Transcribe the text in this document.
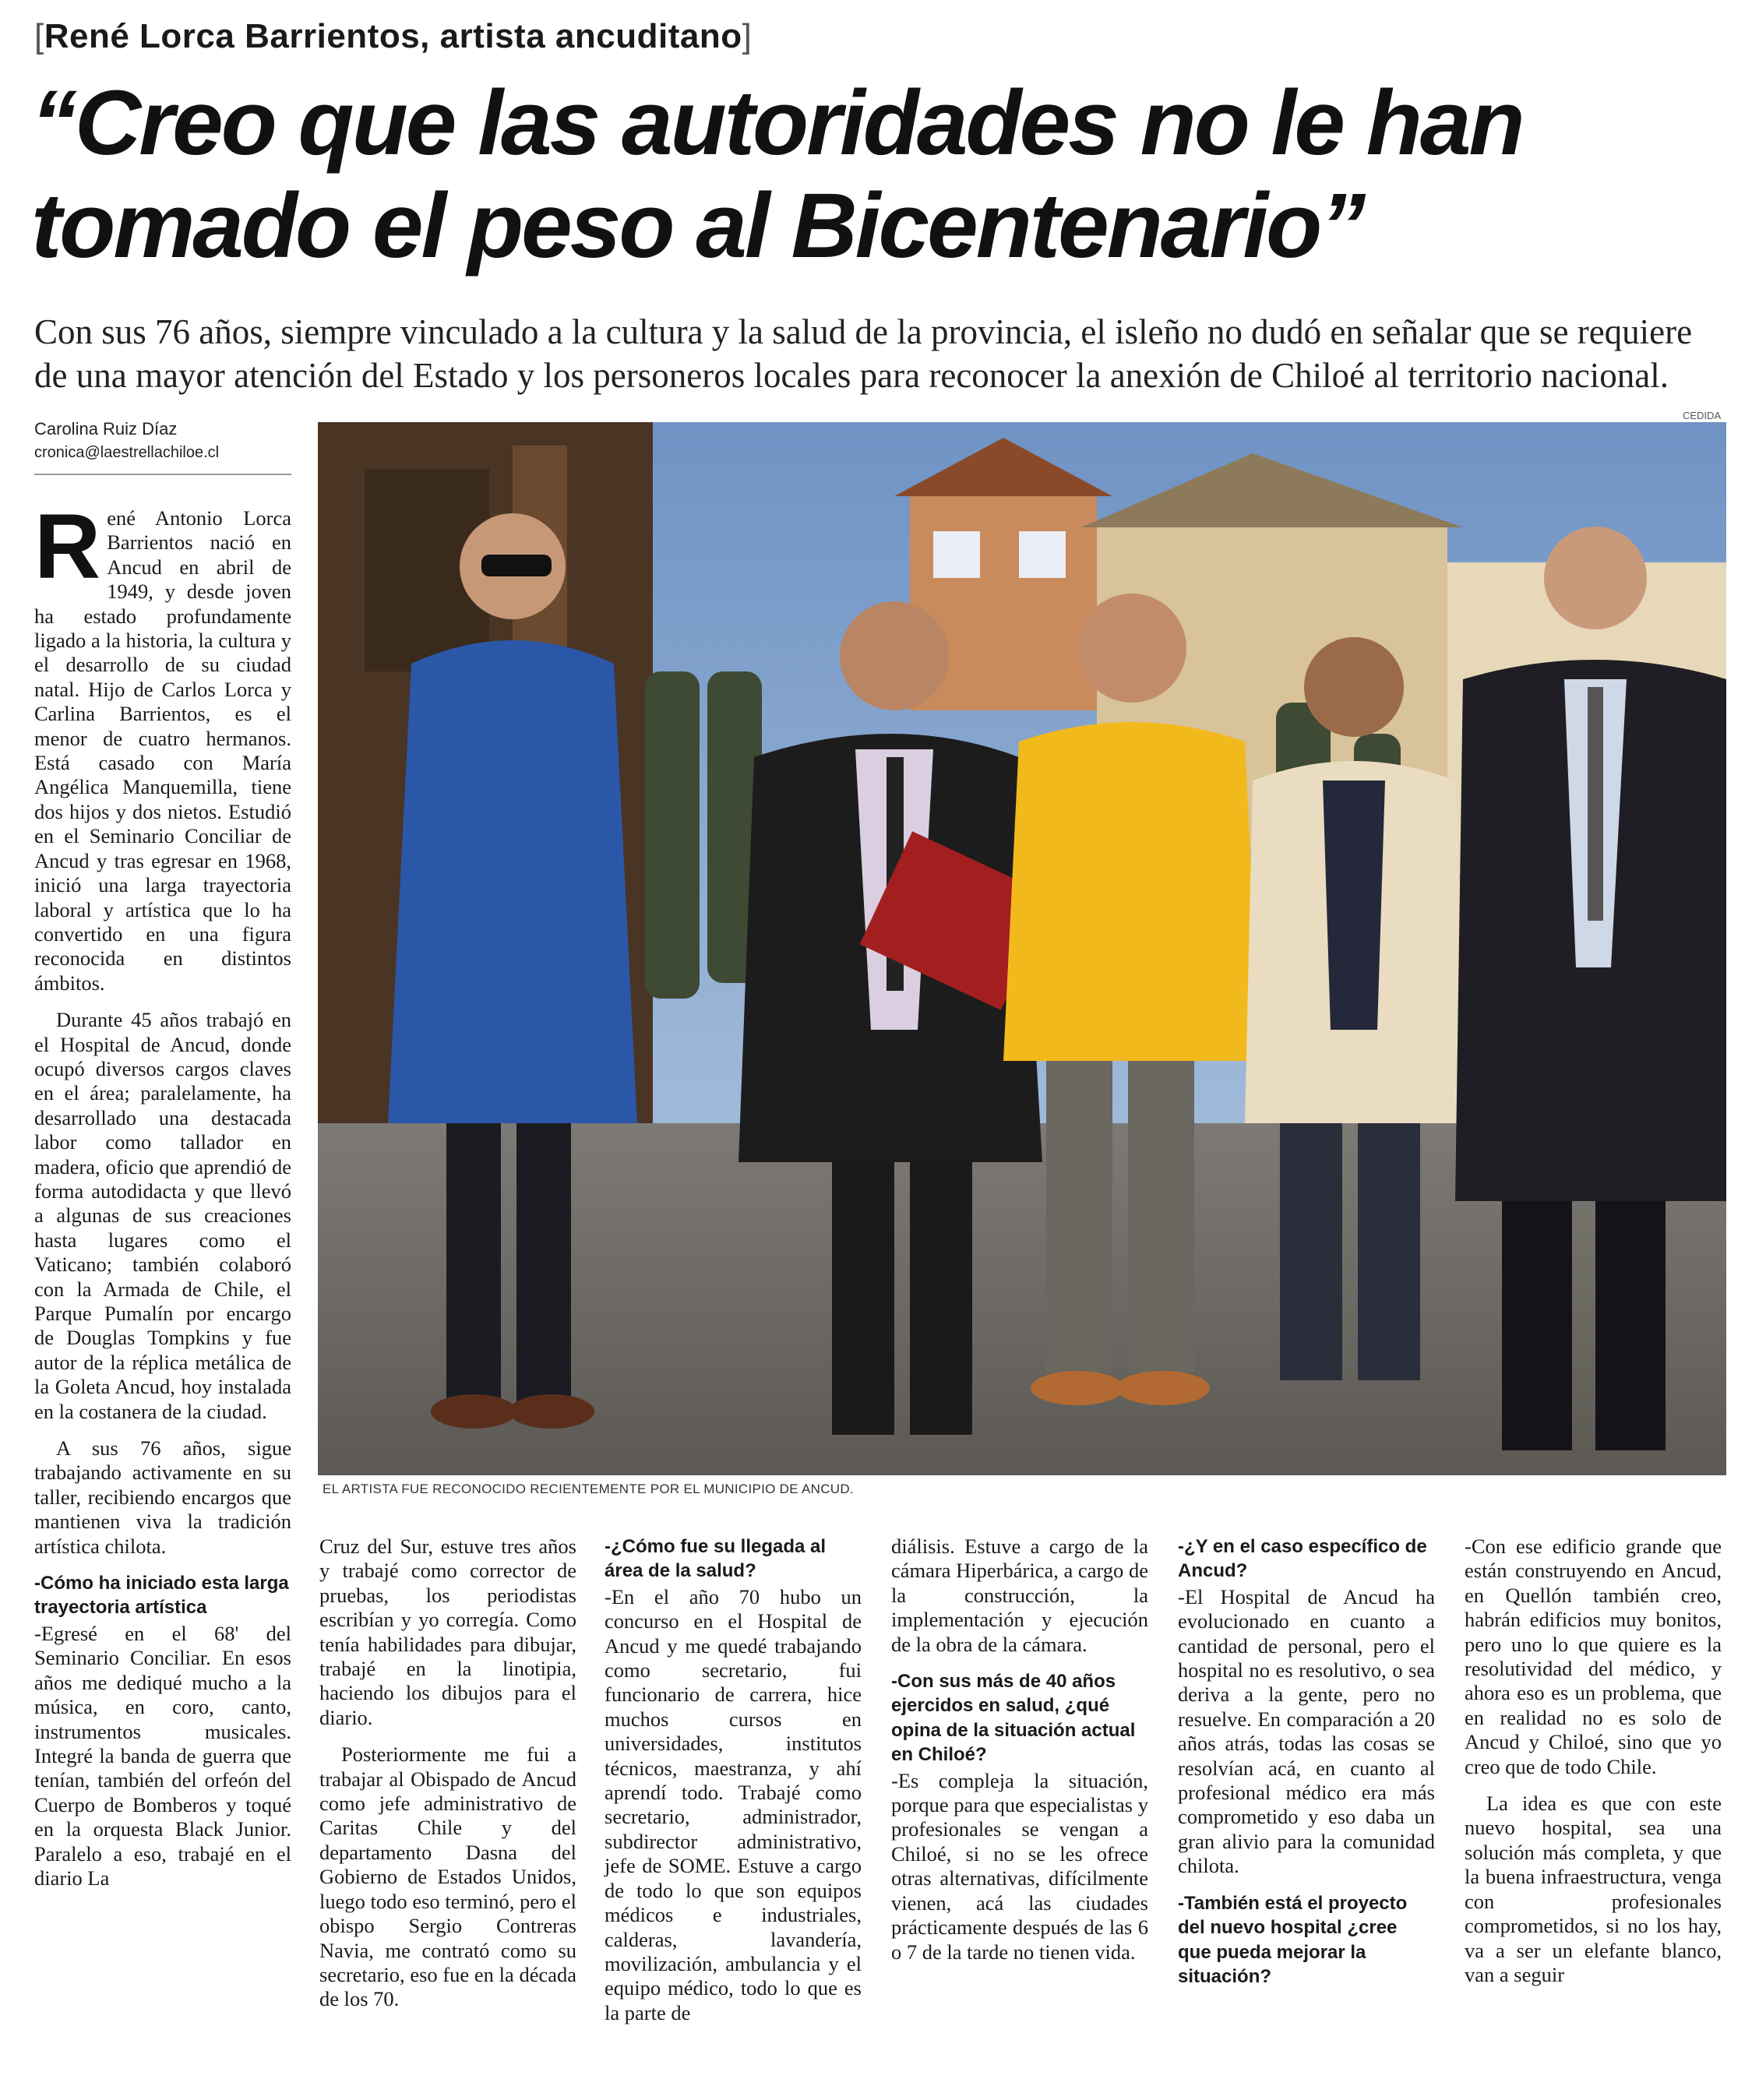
[René Lorca Barrientos, artista ancuditano]
“Creo que las autoridades no le han tomado el peso al Bicentenario”
Con sus 76 años, siempre vinculado a la cultura y la salud de la provincia, el isleño no dudó en señalar que se requiere de una mayor atención del Estado y los personeros locales para reconocer la anexión de Chiloé al territorio nacional.
Carolina Ruiz Díaz
cronica@laestrellachiloe.cl
CEDIDA
EL ARTISTA FUE RECONOCIDO RECIENTEMENTE POR EL MUNICIPIO DE ANCUD.

René Antonio Lorca Barrientos nació en Ancud en abril de 1949, y desde joven ha estado profundamente ligado a la historia, la cultura y el desarrollo de su ciudad natal. Hijo de Carlos Lorca y Carlina Barrientos, es el menor de cuatro hermanos. Está casado con María Angélica Manquemilla, tiene dos hijos y dos nietos. Estudió en el Seminario Conciliar de Ancud y tras egresar en 1968, inició una larga trayectoria laboral y artística que lo ha convertido en una figura reconocida en distintos ámbitos.

Durante 45 años trabajó en el Hospital de Ancud, donde ocupó diversos cargos claves en el área; paralelamente, ha desarrollado una destacada labor como tallador en madera, oficio que aprendió de forma autodidacta y que llevó a algunas de sus creaciones hasta lugares como el Vaticano; también colaboró con la Armada de Chile, el Parque Pumalín por encargo de Douglas Tompkins y fue autor de la réplica metálica de la Goleta Ancud, hoy instalada en la costanera de la ciudad.

A sus 76 años, sigue trabajando activamente en su taller, recibiendo encargos que mantienen viva la tradición artística chilota.

-Cómo ha iniciado esta larga trayectoria artística

-Egresé en el 68' del Seminario Conciliar. En esos años me dediqué mucho a la música, en coro, canto, instrumentos musicales. Integré la banda de guerra que tenían, también del orfeón del Cuerpo de Bomberos y toqué en la orquesta Black Junior. Paralelo a eso, trabajé en el diario La

Cruz del Sur, estuve tres años y trabajé como corrector de pruebas, los periodistas escribían y yo corregía. Como tenía habilidades para dibujar, trabajé en la linotipia, haciendo los dibujos para el diario.

Posteriormente me fui a trabajar al Obispado de Ancud como jefe administrativo de Caritas Chile y del departamento Dasna del Gobierno de Estados Unidos, luego todo eso terminó, pero el obispo Sergio Contreras Navia, me contrató como su secretario, eso fue en la década de los 70.

-¿Cómo fue su llegada al área de la salud?

-En el año 70 hubo un concurso en el Hospital de Ancud y me quedé trabajando como secretario, fui funcionario de carrera, hice muchos cursos en universidades, institutos técnicos, maestranza, y ahí aprendí todo. Trabajé como secretario, administrador, subdirector administrativo, jefe de SOME. Estuve a cargo de todo lo que son equipos médicos e industriales, calderas, lavandería, movilización, ambulancia y el equipo médico, todo lo que es la parte de

diálisis. Estuve a cargo de la cámara Hiperbárica, a cargo de la construcción, la implementación y ejecución de la obra de la cámara.

-Con sus más de 40 años ejercidos en salud, ¿qué opina de la situación actual en Chiloé?

-Es compleja la situación, porque para que especialistas y profesionales se vengan a Chiloé, si no se les ofrece otras alternativas, difícilmente vienen, acá las ciudades prácticamente después de las 6 o 7 de la tarde no tienen vida.

-¿Y en el caso específico de Ancud?

-El Hospital de Ancud ha evolucionado en cuanto a cantidad de personal, pero el hospital no es resolutivo, o sea deriva a la gente, pero no resuelve. En comparación a 20 años atrás, todas las cosas se resolvían acá, en cuanto al profesional médico era más comprometido y eso daba un gran alivio para la comunidad chilota.

-También está el proyecto del nuevo hospital ¿cree que pueda mejorar la situación?

-Con ese edificio grande que están construyendo en Ancud, en Quellón también creo, habrán edificios muy bonitos, pero uno lo que quiere es la resolutividad del médico, y ahora eso es un problema, que en realidad no es solo de Ancud y Chiloé, sino que yo creo que de todo Chile.

La idea es que con este nuevo hospital, sea una solución más completa, y que la buena infraestructura, venga con profesionales comprometidos, si no los hay, va a ser un elefante blanco, van a seguir
